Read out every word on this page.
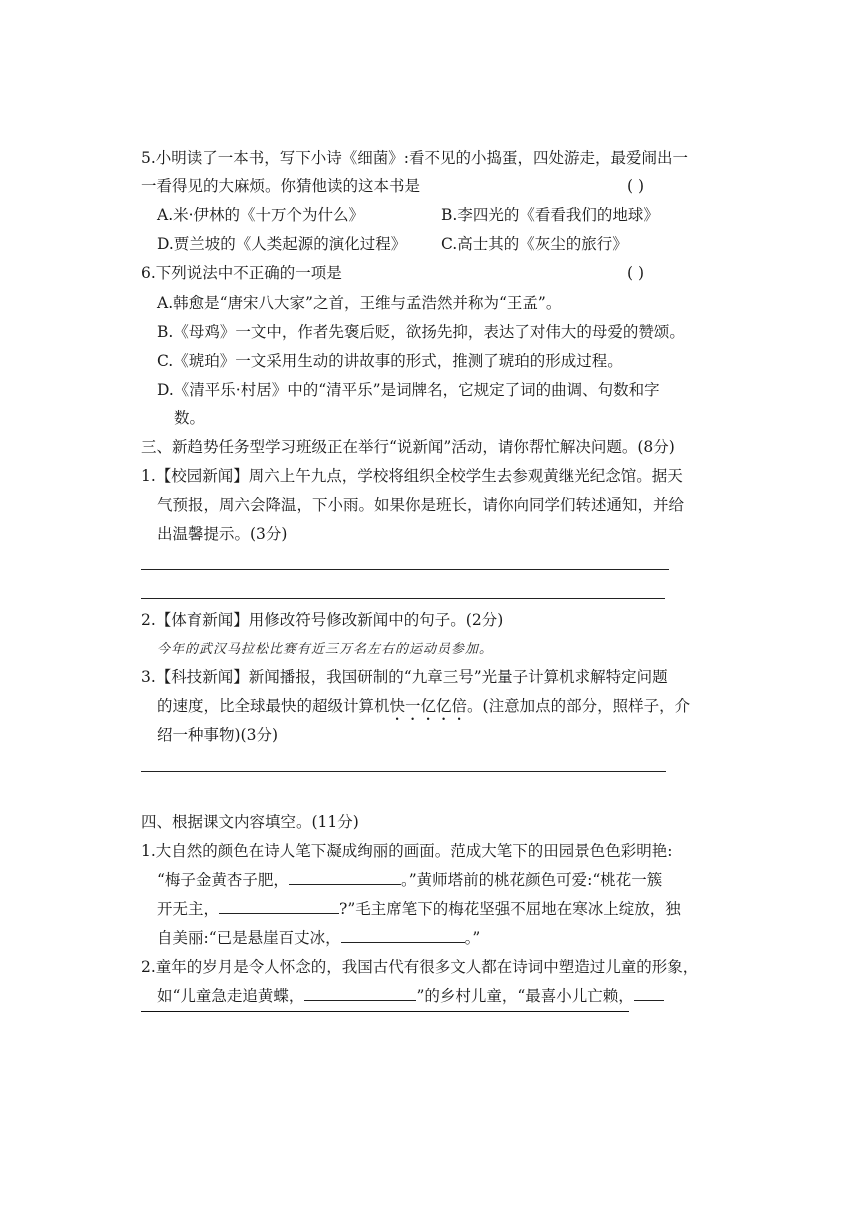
5.小明读了一本书，写下小诗《细菌》:看不见的小捣蛋，四处游走，最爱闹出一
一看得见的大麻烦。你猜他读的这本书是	( )
A.米·伊林的《十万个为什么》	B.李四光的《看看我们的地球》
D.贾兰坡的《人类起源的演化过程》 C.高士其的《灰尘的旅行》
6.下列说法中不正确的一项是	( )
A.韩愈是“唐宋八大家”之首，王维与孟浩然并称为“王孟”。
B.《母鸡》一文中，作者先褒后贬，欲扬先抑，表达了对伟大的母爱的赞颂。
C.《琥珀》一文采用生动的讲故事的形式，推测了琥珀的形成过程。
D.《清平乐·村居》中的“清平乐”是词牌名，它规定了词的曲调、句数和字
数。
三、新趋势任务型学习班级正在举行“说新闻”活动，请你帮忙解决问题。(8分)
1.【校园新闻】周六上午九点，学校将组织全校学生去参观黄继光纪念馆。据天
气预报，周六会降温，下小雨。如果你是班长，请你向同学们转述通知，并给
出温馨提示。(3分)
2.【体育新闻】用修改符号修改新闻中的句子。(2分)
今年的武汉马拉松比赛有近三万名左右的运动员参加。
3.【科技新闻】新闻播报，我国研制的“九章三号”光量子计算机求解特定问题
的速度，比全球最快的超级计算机快一亿亿倍。(注意加点的部分，照样子，介
绍一种事物)(3分)
四、根据课文内容填空。(11分)
1.大自然的颜色在诗人笔下凝成绚丽的画面。范成大笔下的田园景色色彩明艳:
“梅子金黄杏子肥，	。”黄师塔前的桃花颜色可爱:“桃花一簇
开无主，	?”毛主席笔下的梅花坚强不屈地在寒冰上绽放，独
自美丽:“已是悬崖百丈冰，	。”
2.童年的岁月是令人怀念的，我国古代有很多文人都在诗词中塑造过儿童的形象，
如“儿童急走追黄蝶，	”的乡村儿童，“最喜小儿亡赖，
